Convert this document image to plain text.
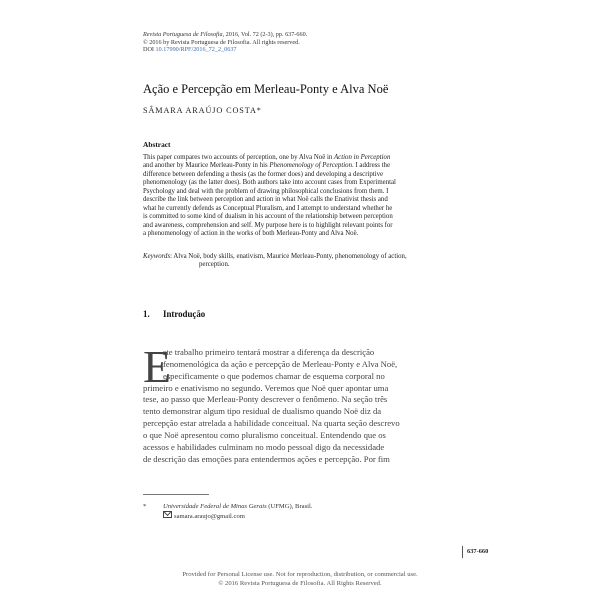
Revista Portuguesa de Filosofia, 2016, Vol. 72 (2-3), pp. 637-660.
© 2016 by Revista Portuguesa de Filosofia. All rights reserved.
DOI 10.17990/RPF/2016_72_2_0637
Ação e Percepção em Merleau-Ponty e Alva Noë
SÂMARA ARAÚJO COSTA*
Abstract
This paper compares two accounts of perception, one by Alva Noë in Action in Perception
and another by Maurice Merleau-Ponty in his Phenomenology of Perception. I address the
difference between defending a thesis (as the former does) and developing a descriptive
phenomenology (as the latter does). Both authors take into account cases from Experimental
Psychology and deal with the problem of drawing philosophical conclusions from them. I
describe the link between perception and action in what Noë calls the Enativist thesis and
what he currently defends as Conceptual Pluralism, and I attempt to understand whether he
is committed to some kind of dualism in his account of the relationship between perception
and awareness, comprehension and self. My purpose here is to highlight relevant points for
a phenomenology of action in the works of both Merleau-Ponty and Alva Noë.
Keywords: Alva Noë, body skills, enativism, Maurice Merleau-Ponty, phenomenology of action,
perception.
1. Introdução
E
ste trabalho primeiro tentará mostrar a diferença da descrição
fenomenológica da ação e percepção de Merleau-Ponty e Alva Noë,
especificamente o que podemos chamar de esquema corporal no
primeiro e enativismo no segundo. Veremos que Noë quer apontar uma
tese, ao passo que Merleau-Ponty descrever o fenômeno. Na seção três
tento demonstrar algum tipo residual de dualismo quando Noë diz da
percepção estar atrelada a habilidade conceitual. Na quarta seção descrevo
o que Noë apresentou como pluralismo conceitual. Entendendo que os
acessos e habilidades culminam no modo pessoal digo da necessidade
de descrição das emoções para entendermos ações e percepção. Por fim
*	Universidade Federal de Minas Gerais (UFMG), Brasil.
samara.araujo@gmail.com
637-660
Provided for Personal License use. Not for reproduction, distribution, or commercial use.
© 2016 Revista Portuguesa de Filosofia. All Rights Reserved.
